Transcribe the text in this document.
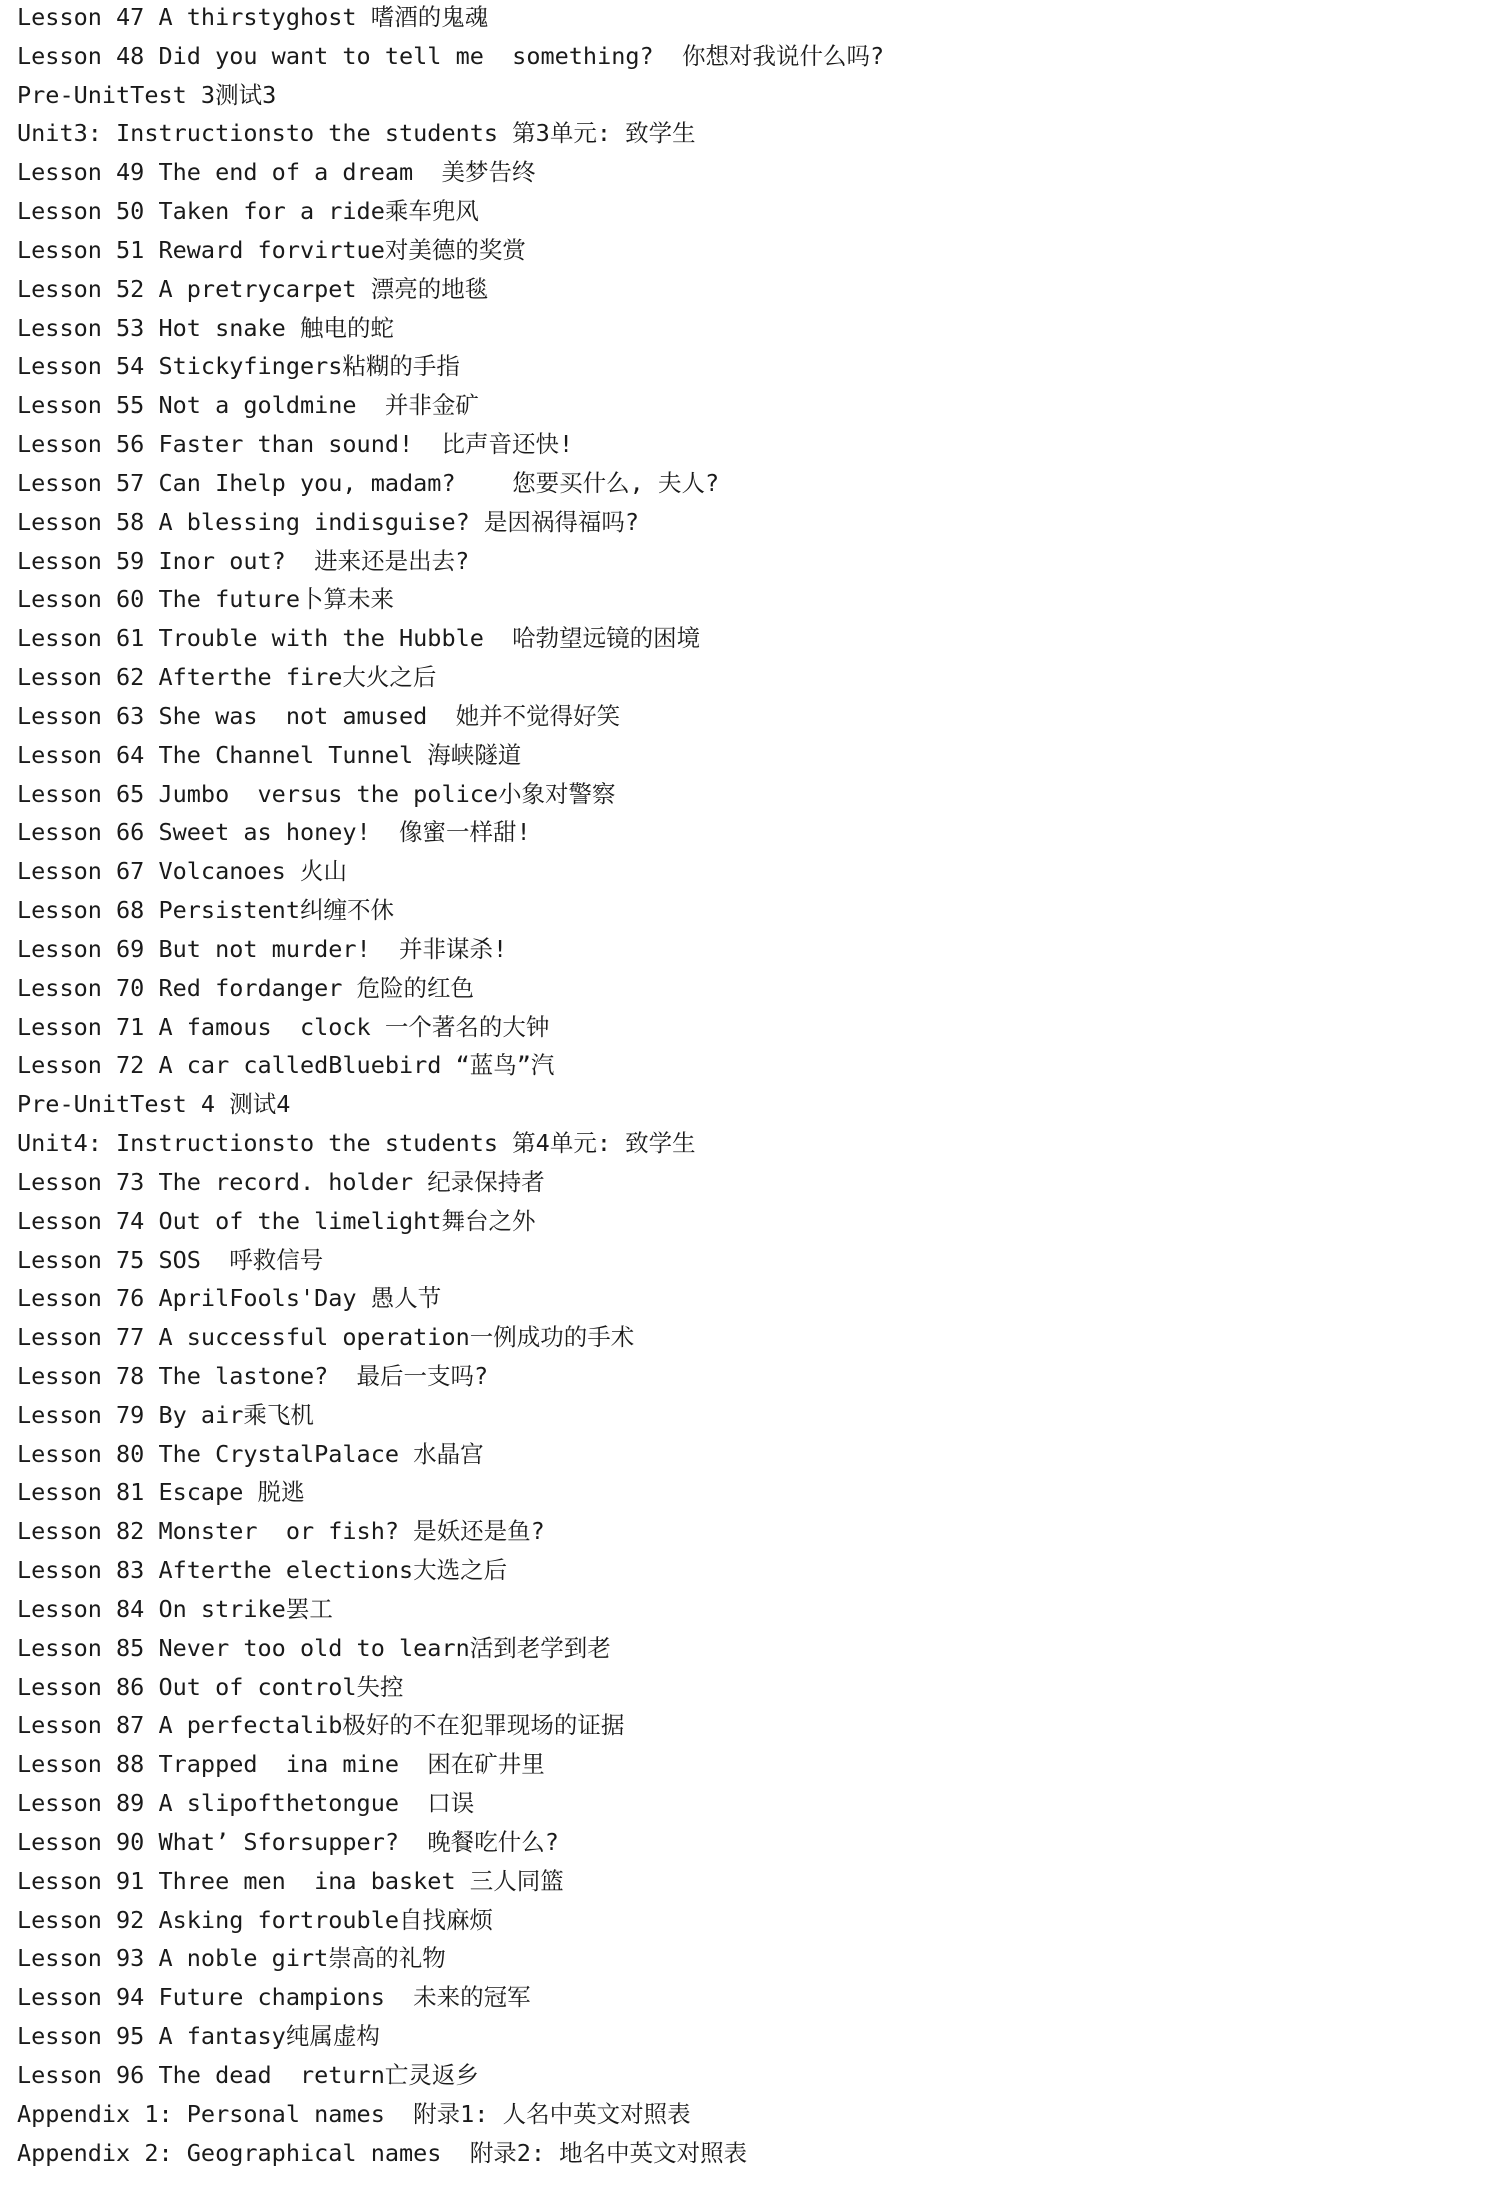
Lesson 47 A thirstyghost 嗜酒的鬼魂
Lesson 48 Did you want to tell me  something?  你想对我说什么吗?
Pre-UnitTest 3测试3
Unit3: Instructionsto the students 第3单元: 致学生
Lesson 49 The end of a dream  美梦告终
Lesson 50 Taken for a ride乘车兜风
Lesson 51 Reward forvirtue对美德的奖赏
Lesson 52 A pretrycarpet 漂亮的地毯
Lesson 53 Hot snake 触电的蛇
Lesson 54 Stickyfingers粘糊的手指
Lesson 55 Not a goldmine  并非金矿
Lesson 56 Faster than sound!  比声音还快!
Lesson 57 Can Ihelp you, madam?    您要买什么, 夫人?
Lesson 58 A blessing indisguise? 是因祸得福吗?
Lesson 59 Inor out?  进来还是出去?
Lesson 60 The future卜算未来
Lesson 61 Trouble with the Hubble  哈勃望远镜的困境
Lesson 62 Afterthe fire大火之后
Lesson 63 She was  not amused  她并不觉得好笑
Lesson 64 The Channel Tunnel 海峡隧道
Lesson 65 Jumbo  versus the police小象对警察
Lesson 66 Sweet as honey!  像蜜一样甜!
Lesson 67 Volcanoes 火山
Lesson 68 Persistent纠缠不休
Lesson 69 But not murder!  并非谋杀!
Lesson 70 Red fordanger 危险的红色
Lesson 71 A famous  clock 一个著名的大钟
Lesson 72 A car calledBluebird “蓝鸟”汽
Pre-UnitTest 4 测试4
Unit4: Instructionsto the students 第4单元: 致学生
Lesson 73 The record. holder 纪录保持者
Lesson 74 Out of the limelight舞台之外
Lesson 75 SOS  呼救信号
Lesson 76 AprilFools'Day 愚人节
Lesson 77 A successful operation一例成功的手术
Lesson 78 The lastone?  最后一支吗?
Lesson 79 By air乘飞机
Lesson 80 The CrystalPalace 水晶宫
Lesson 81 Escape 脱逃
Lesson 82 Monster  or fish? 是妖还是鱼?
Lesson 83 Afterthe elections大选之后
Lesson 84 On strike罢工
Lesson 85 Never too old to learn活到老学到老
Lesson 86 Out of control失控
Lesson 87 A perfectalib极好的不在犯罪现场的证据
Lesson 88 Trapped  ina mine  困在矿井里
Lesson 89 A slipofthetongue  口误
Lesson 90 What’ Sforsupper?  晚餐吃什么?
Lesson 91 Three men  ina basket 三人同篮
Lesson 92 Asking fortrouble自找麻烦
Lesson 93 A noble girt崇高的礼物
Lesson 94 Future champions  未来的冠军
Lesson 95 A fantasy纯属虚构
Lesson 96 The dead  return亡灵返乡
Appendix 1: Personal names  附录1: 人名中英文对照表
Appendix 2: Geographical names  附录2: 地名中英文对照表
